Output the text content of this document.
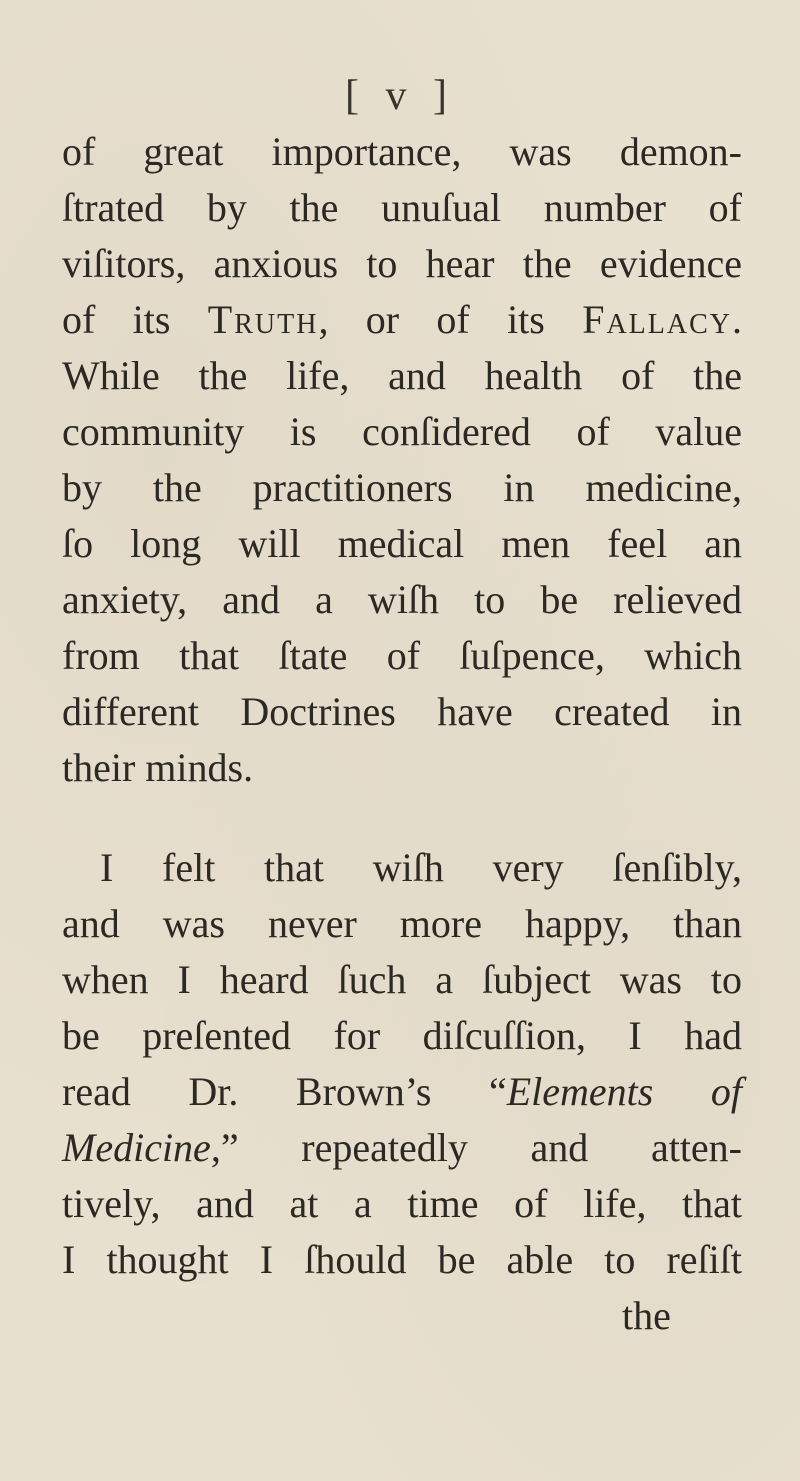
[ v ]
of great importance, was demon-
ſtrated by the unuſual number of
viſitors, anxious to hear the evidence
of its Truth, or of its Fallacy.
While the life, and health of the
community is conſidered of value
by the practitioners in medicine,
ſo long will medical men feel an
anxiety, and a wiſh to be relieved
from that ſtate of ſuſpence, which
different Doctrines have created in
their minds.
I felt that wiſh very ſenſibly,
and was never more happy, than
when I heard ſuch a ſubject was to
be preſented for diſcuſſion, I had
read Dr. Brown’s “Elements of
Medicine,” repeatedly and atten-
tively, and at a time of life, that
I thought I ſhould be able to reſiſt
the
